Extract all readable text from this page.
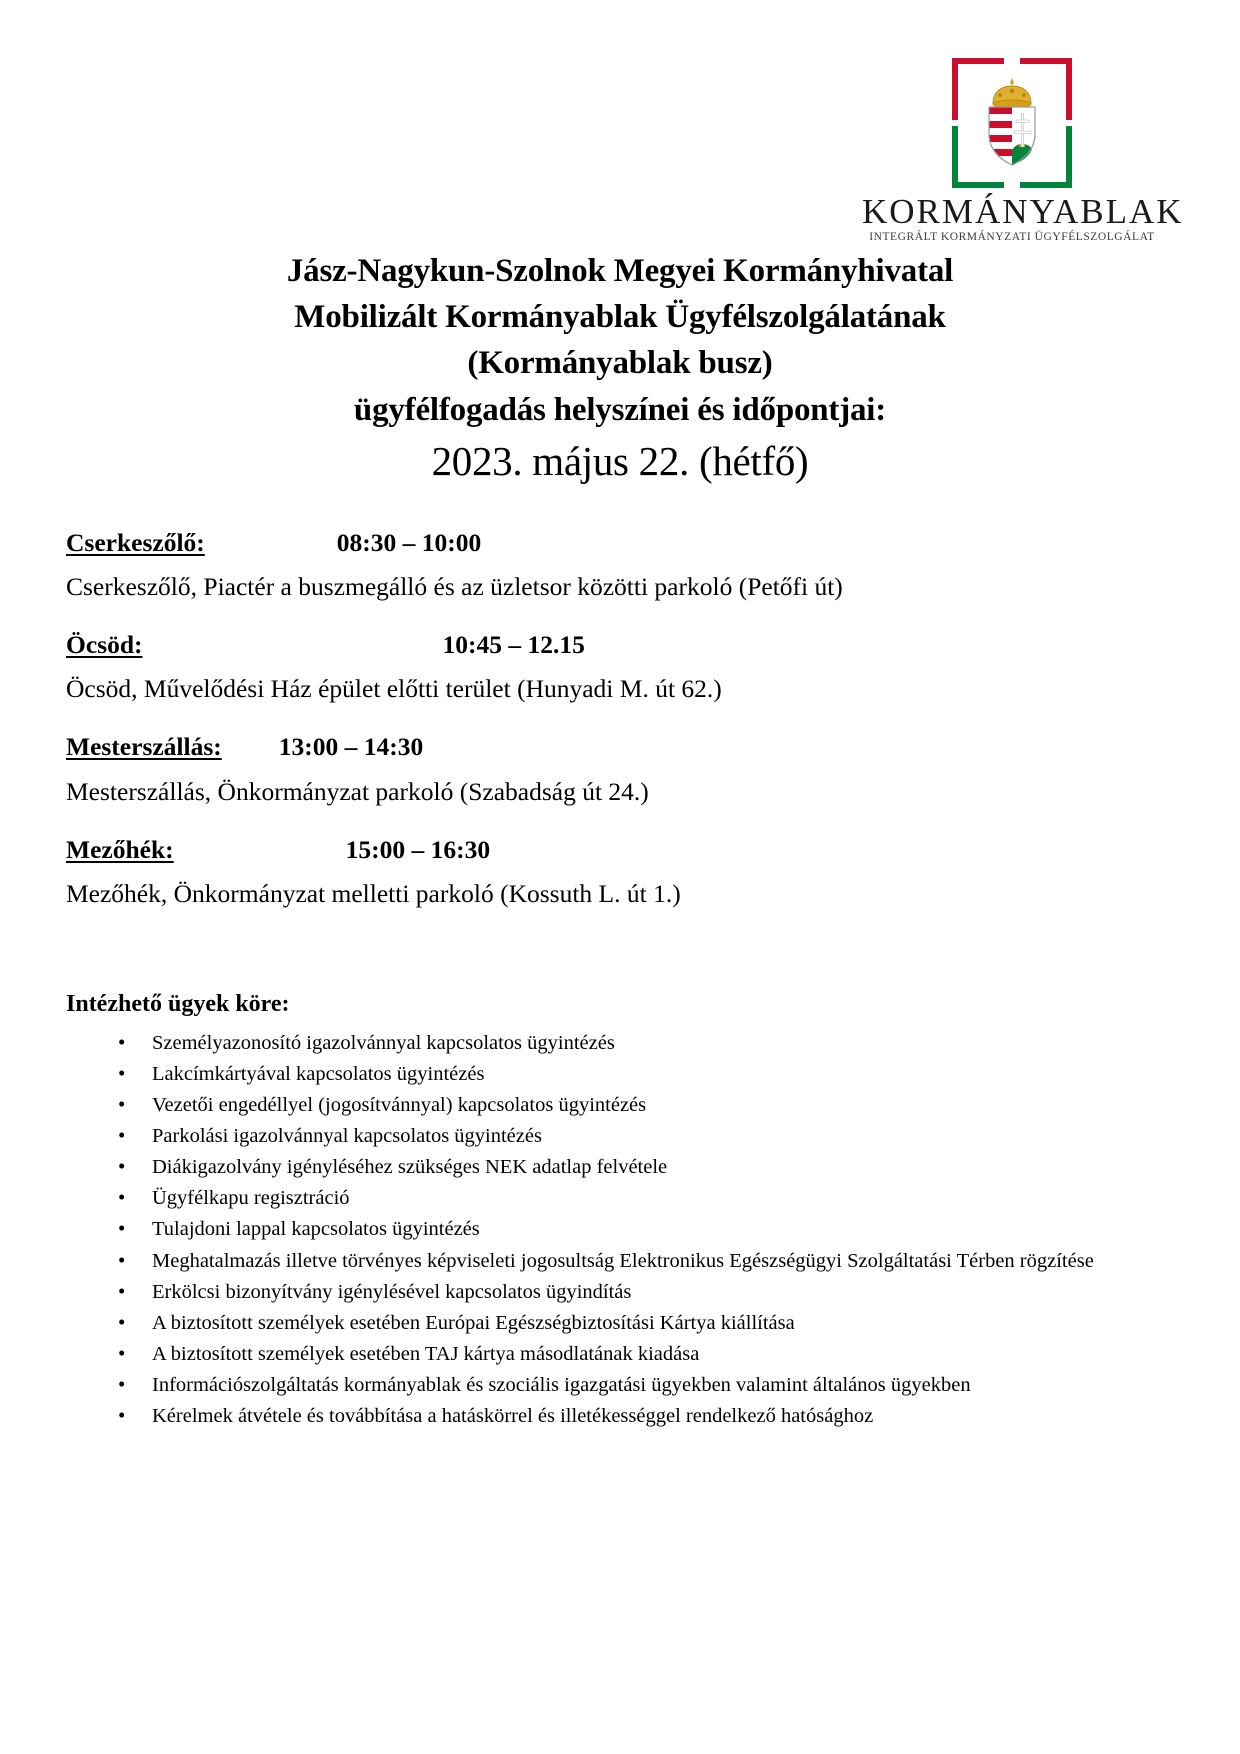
KORMÁNYABLAK
INTEGRÁLT KORMÁNYZATI ÜGYFÉLSZOLGÁLAT
Jász-Nagykun-Szolnok Megyei Kormányhivatal
Mobilizált Kormányablak Ügyfélszolgálatának
(Kormányablak busz)
ügyfélfogadás helyszínei és időpontjai:
2023. május 22. (hétfő)
Cserkeszőlő:	08:30 – 10:00
Cserkeszőlő, Piactér a buszmegálló és az üzletsor közötti parkoló (Petőfi út)
Öcsöd:	10:45 – 12.15
Öcsöd, Művelődési Ház épület előtti terület (Hunyadi M. út 62.)
Mesterszállás: 13:00 – 14:30
Mesterszállás, Önkormányzat parkoló (Szabadság út 24.)
Mezőhék:	15:00 – 16:30
Mezőhék, Önkormányzat melletti parkoló (Kossuth L. út 1.)
Intézhető ügyek köre:
• Személyazonosító igazolvánnyal kapcsolatos ügyintézés
• Lakcímkártyával kapcsolatos ügyintézés
• Vezetői engedéllyel (jogosítvánnyal) kapcsolatos ügyintézés
• Parkolási igazolvánnyal kapcsolatos ügyintézés
• Diákigazolvány igényléséhez szükséges NEK adatlap felvétele
• Ügyfélkapu regisztráció
• Tulajdoni lappal kapcsolatos ügyintézés
• Meghatalmazás illetve törvényes képviseleti jogosultság Elektronikus Egészségügyi Szolgáltatási Térben rögzítése
• Erkölcsi bizonyítvány igénylésével kapcsolatos ügyindítás
• A biztosított személyek esetében Európai Egészségbiztosítási Kártya kiállítása
• A biztosított személyek esetében TAJ kártya másodlatának kiadása
• Információszolgáltatás kormányablak és szociális igazgatási ügyekben valamint általános ügyekben
• Kérelmek átvétele és továbbítása a hatáskörrel és illetékességgel rendelkező hatósághoz
